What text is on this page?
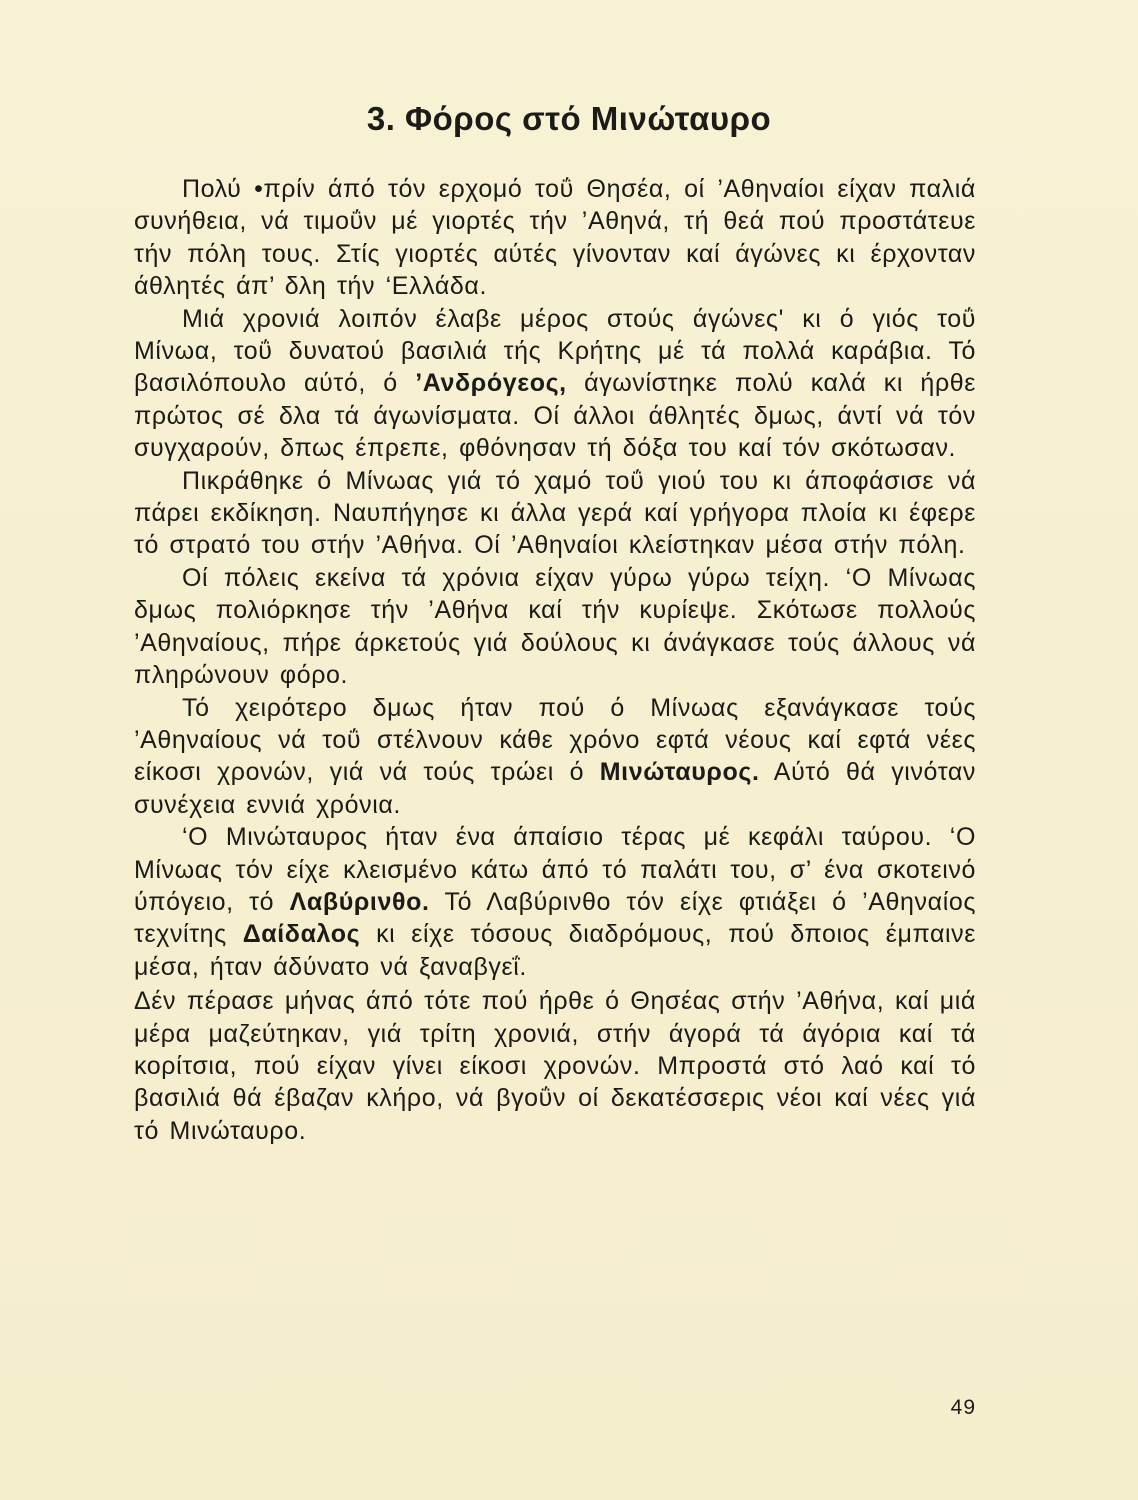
3. Φόρος στό Μινώταυρο

Πολύ •πρίν άπό τόν ερχομό τοΰ Θησέα, οί ’Αθηναίοι είχαν παλιά συνήθεια, νά τιμοΰν μέ γιορτές τήν ’Αθηνά, τή θεά πού προστάτευε τήν πόλη τους. Στίς γιορτές αύτές γίνονταν καί άγώνες κι έρχονταν άθλητές άπ’ δλη τήν ‘Ελλάδα.

Μιά χρονιά λοιπόν έλαβε μέρος στούς άγώνες' κι ό γιός τοΰ Μίνωα, τοΰ δυνατού βασιλιά τής Κρήτης μέ τά πολλά καράβια. Τό βασιλόπουλο αύτό, ό ’Ανδρόγεος, άγωνίστηκε πολύ καλά κι ήρθε πρώτος σέ δλα τά άγωνίσματα. Οί άλλοι άθλητές δμως, άντί νά τόν συγχαρούν, δπως έπρεπε, φθόνησαν τή δόξα του καί τόν σκότωσαν.

Πικράθηκε ό Μίνωας γιά τό χαμό τοΰ γιού του κι άποφάσισε νά πάρει εκδίκηση. Ναυπήγησε κι άλλα γερά καί γρήγορα πλοία κι έφερε τό στρατό του στήν ’Αθήνα. Οί ’Αθηναίοι κλείστηκαν μέσα στήν πόλη.

Οί πόλεις εκείνα τά χρόνια είχαν γύρω γύρω τείχη. ‘Ο Μίνωας δμως πολιόρκησε τήν ’Αθήνα καί τήν κυρίεψε. Σκότωσε πολλούς ’Αθηναίους, πήρε άρκετούς γιά δούλους κι άνάγκασε τούς άλλους νά πληρώνουν φόρο.

Τό χειρότερο δμως ήταν πού ό Μίνωας εξανάγκασε τούς ’Αθηναίους νά τοΰ στέλνουν κάθε χρόνο εφτά νέους καί εφτά νέες είκοσι χρονών, γιά νά τούς τρώει ό Μινώταυρος. Αύτό θά γινόταν συνέχεια εννιά χρόνια.

‘Ο Μινώταυρος ήταν ένα άπαίσιο τέρας μέ κεφάλι ταύρου. ‘Ο Μίνωας τόν είχε κλεισμένο κάτω άπό τό παλάτι του, σ’ ένα σκοτεινό ύπόγειο, τό Λαβύρινθο. Τό Λαβύρινθο τόν είχε φτιάξει ό ’Αθηναίος τεχνίτης Δαίδαλος κι είχε τόσους διαδρόμους, πού δποιος έμπαινε μέσα, ήταν άδύνατο νά ξαναβγεΐ.

Δέν πέρασε μήνας άπό τότε πού ήρθε ό Θησέας στήν ’Αθήνα, καί μιά μέρα μαζεύτηκαν, γιά τρίτη χρονιά, στήν άγορά τά άγόρια καί τά κορίτσια, πού είχαν γίνει είκοσι χρονών. Μπροστά στό λαό καί τό βασιλιά θά έβαζαν κλήρο, νά βγοΰν οί δεκατέσσερις νέοι καί νέες γιά τό Μινώταυρο.

49
